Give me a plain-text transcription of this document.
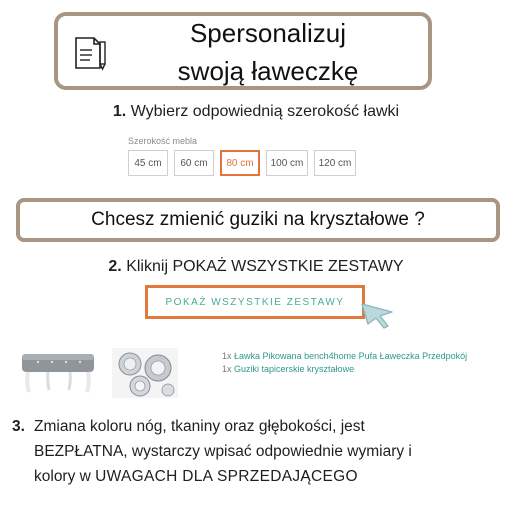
Spersonalizuj
swoją ławeczkę
1. Wybierz odpowiednią szerokość ławki
Szerokość mebla
45 cm	60 cm	80 cm	100 cm	120 cm
Chcesz zmienić guziki na kryształowe ?
2. Kliknij POKAŻ WSZYSTKIE ZESTAWY
POKAŻ WSZYSTKIE ZESTAWY
1x Ławka Pikowana bench4home Pufa Ławeczka Przedpokój
1x Guziki tapicerskie kryształowe
3. Zmiana koloru nóg, tkaniny oraz głębokości, jest
BEZPŁATNA, wystarczy wpisać odpowiednie wymiary i
kolory w UWAGACH DLA SPRZEDAJĄCEGO
